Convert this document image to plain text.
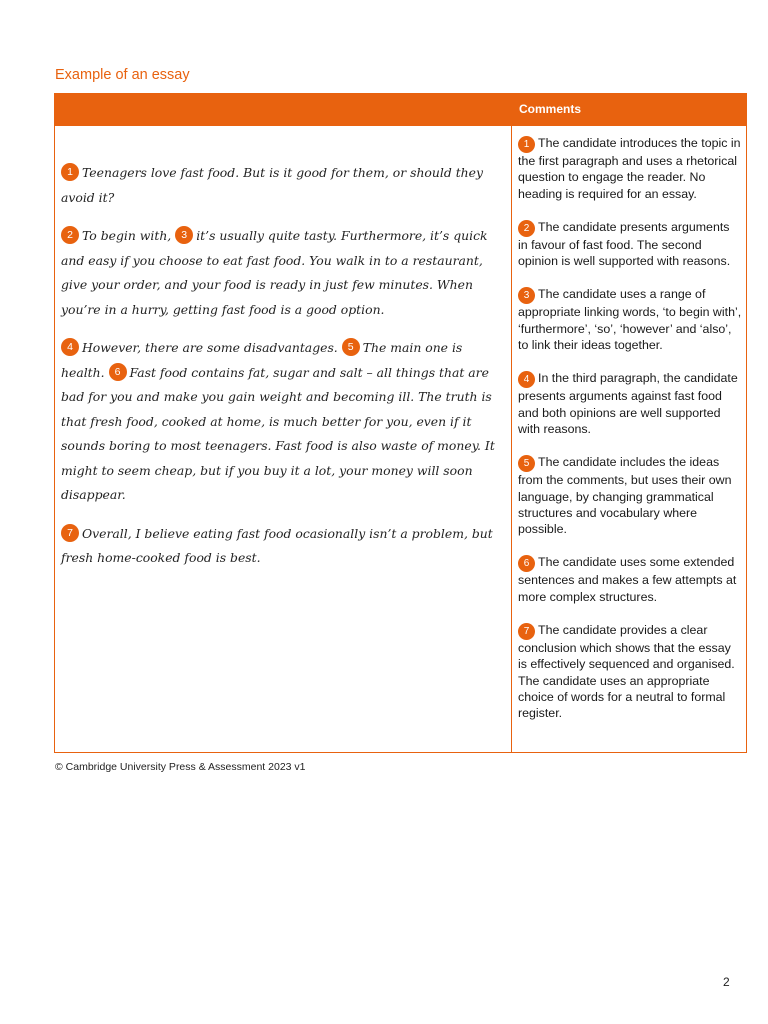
Example of an essay
Comments

1 Teenagers love fast food. But is it good for them, or should they avoid it?

2 To begin with, 3 it’s usually quite tasty. Furthermore, it’s quick and easy if you choose to eat fast food. You walk in to a restaurant, give your order, and your food is ready in just few minutes. When you’re in a hurry, getting fast food is a good option.

4 However, there are some disadvantages. 5 The main one is health. 6 Fast food contains fat, sugar and salt – all things that are bad for you and make you gain weight and becoming ill. The truth is that fresh food, cooked at home, is much better for you, even if it sounds boring to most teenagers. Fast food is also waste of money. It might to seem cheap, but if you buy it a lot, your money will soon disappear.

7 Overall, I believe eating fast food ocasionally isn’t a problem, but fresh home-cooked food is best.

1 The candidate introduces the topic in the first paragraph and uses a rhetorical question to engage the reader. No heading is required for an essay.
2 The candidate presents arguments in favour of fast food. The second opinion is well supported with reasons.
3 The candidate uses a range of appropriate linking words, ‘to begin with’, ‘furthermore’, ‘so’, ‘however’ and ‘also’, to link their ideas together.
4 In the third paragraph, the candidate presents arguments against fast food and both opinions are well supported with reasons.
5 The candidate includes the ideas from the comments, but uses their own language, by changing grammatical structures and vocabulary where possible.
6 The candidate uses some extended sentences and makes a few attempts at more complex structures.
7 The candidate provides a clear conclusion which shows that the essay is effectively sequenced and organised. The candidate uses an appropriate choice of words for a neutral to formal register.
© Cambridge University Press & Assessment 2023 v1
2
